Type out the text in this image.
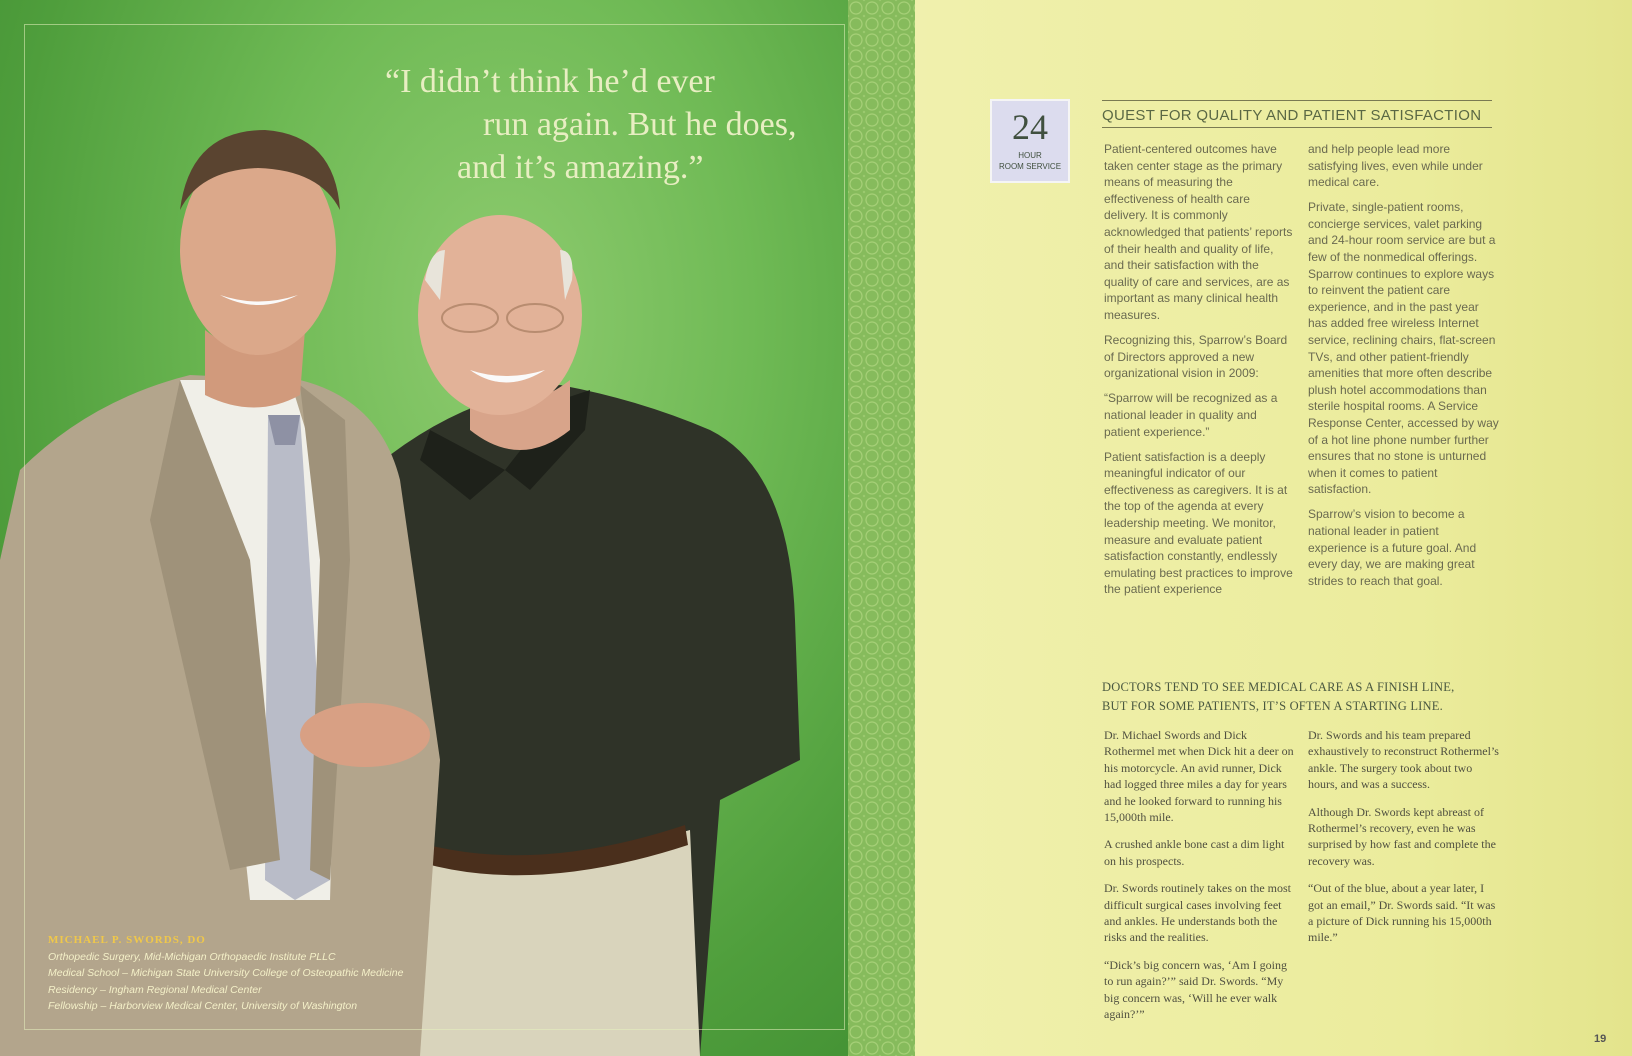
“I didn’t think he’d ever
run again. But he does,
and it’s amazing.”
MICHAEL P. SWORDS, DO
Orthopedic Surgery, Mid-Michigan Orthopaedic Institute PLLC
Medical School – Michigan State University College of Osteopathic Medicine
Residency – Ingham Regional Medical Center
Fellowship – Harborview Medical Center, University of Washington
24
HOUR
ROOM SERVICE
QUEST FOR QUALITY AND PATIENT SATISFACTION

Patient-centered outcomes have taken center stage as the primary means of measuring the effectiveness of health care delivery. It is commonly acknowledged that patients’ reports of their health and quality of life, and their satisfaction with the quality of care and services, are as important as many clinical health measures.

Recognizing this, Sparrow’s Board of Directors approved a new organizational vision in 2009:

“Sparrow will be recognized as a national leader in quality and patient experience.”

Patient satisfaction is a deeply meaningful indicator of our effectiveness as caregivers. It is at the top of the agenda at every leadership meeting. We monitor, measure and evaluate patient satisfaction constantly, endlessly emulating best practices to improve the patient experience

and help people lead more satisfying lives, even while under medical care.

Private, single-patient rooms, concierge services, valet parking and 24-hour room service are but a few of the nonmedical offerings. Sparrow continues to explore ways to reinvent the patient care experience, and in the past year has added free wireless Internet service, reclining chairs, flat-screen TVs, and other patient-friendly amenities that more often describe plush hotel accommodations than sterile hospital rooms. A Service Response Center, accessed by way of a hot line phone number further ensures that no stone is unturned when it comes to patient satisfaction.

Sparrow’s vision to become a national leader in patient experience is a future goal. And every day, we are making great strides to reach that goal.

DOCTORS TEND TO SEE MEDICAL CARE AS A FINISH LINE,
BUT FOR SOME PATIENTS, IT’S OFTEN A STARTING LINE.

Dr. Michael Swords and Dick Rothermel met when Dick hit a deer on his motorcycle. An avid runner, Dick had logged three miles a day for years and he looked forward to running his 15,000th mile.

A crushed ankle bone cast a dim light on his prospects.

Dr. Swords routinely takes on the most difficult surgical cases involving feet and ankles. He understands both the risks and the realities.

“Dick’s big concern was, ‘Am I going to run again?’” said Dr. Swords. “My big concern was, ‘Will he ever walk again?’”

Dr. Swords and his team prepared exhaustively to reconstruct Rothermel’s ankle. The surgery took about two hours, and was a success.

Although Dr. Swords kept abreast of Rothermel’s recovery, even he was surprised by how fast and complete the recovery was.

“Out of the blue, about a year later, I got an email,” Dr. Swords said. “It was a picture of Dick running his 15,000th mile.”

19
